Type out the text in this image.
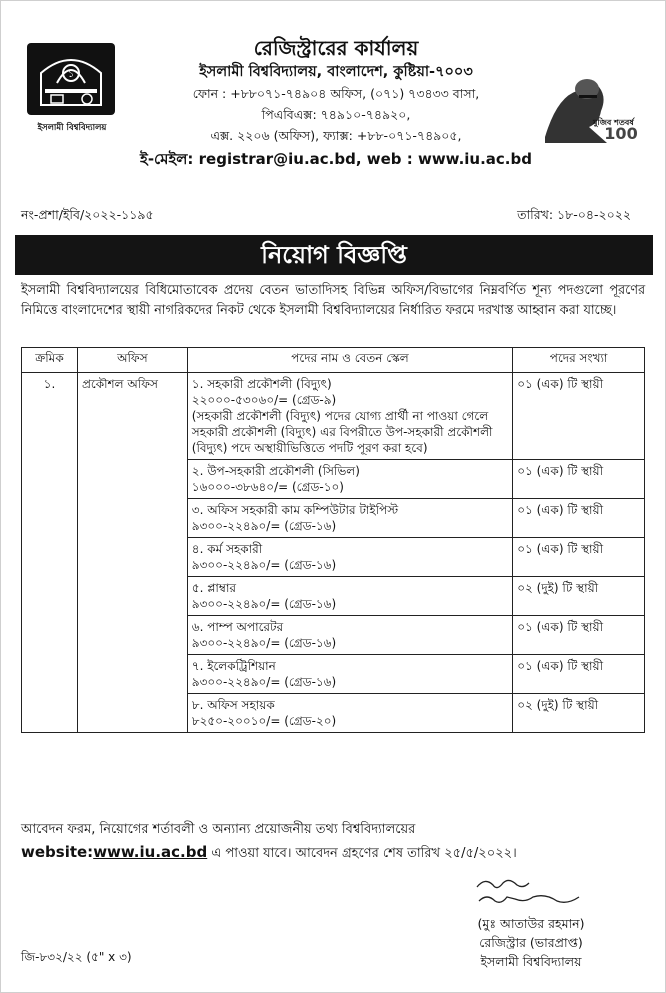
১
ইসলামী বিশ্ববিদ্যালয়
রেজিস্ট্রারের কার্যালয়
ইসলামী বিশ্ববিদ্যালয়, বাংলাদেশ, কুষ্টিয়া-৭০০৩
ফোন : +৮৮০৭১-৭৪৯০৪ অফিস, (০৭১) ৭৩৪৩৩ বাসা,
পিএবিএক্স: ৭৪৯১০-৭৪৯২০,
এক্স. ২২০৬ (অফিস), ফ্যাক্স: +৮৮-০৭১-৭৪৯০৫,
ই-মেইল: registrar@iu.ac.bd, web : www.iu.ac.bd
100
মুজিব শতবর্ষ
নং-প্রশা/ইবি/২০২২-১১৯৫	তারিখ: ১৮-০৪-২০২২
নিয়োগ বিজ্ঞপ্তি
ইসলামী বিশ্ববিদ্যালয়ের বিধিমোতাবেক প্রদেয় বেতন ভাতাদিসহ বিভিন্ন অফিস/বিভাগের নিম্নবর্ণিত শূন্য পদগুলো পূরণের নিমিত্তে বাংলাদেশের স্থায়ী নাগরিকদের নিকট থেকে ইসলামী বিশ্ববিদ্যালয়ের নির্ধারিত ফরমে দরখাস্ত আহ্বান করা যাচ্ছে।
ক্রমিক	অফিস	পদের নাম ও বেতন স্কেল	পদের সংখ্যা
১.	প্রকৌশল অফিস	১. সহকারী প্রকৌশলী (বিদ্যুৎ)
২২০০০-৫৩০৬০/= (গ্রেড-৯)
(সহকারী প্রকৌশলী (বিদ্যুৎ) পদের যোগ্য প্রার্থী না পাওয়া গেলে সহকারী প্রকৌশলী (বিদ্যুৎ) এর বিপরীতে উপ-সহকারী প্রকৌশলী (বিদ্যুৎ) পদে অস্থায়ীভিত্তিতে পদটি পূরণ করা হবে)	০১ (এক) টি স্থায়ী

		২. উপ-সহকারী প্রকৌশলী (সিভিল)
১৬০০০-৩৮৬৪০/= (গ্রেড-১০)	০১ (এক) টি স্থায়ী

		৩. অফিস সহকারী কাম কম্পিউটার টাইপিস্ট
৯৩০০-২২৪৯০/= (গ্রেড-১৬)	০১ (এক) টি স্থায়ী

		৪. কর্ম সহকারী
৯৩০০-২২৪৯০/= (গ্রেড-১৬)	০১ (এক) টি স্থায়ী

		৫. প্লাম্বার
৯৩০০-২২৪৯০/= (গ্রেড-১৬)	০২ (দুই) টি স্থায়ী

		৬. পাম্প অপারেটর
৯৩০০-২২৪৯০/= (গ্রেড-১৬)	০১ (এক) টি স্থায়ী

		৭. ইলেকট্রিশিয়ান
৯৩০০-২২৪৯০/= (গ্রেড-১৬)	০১ (এক) টি স্থায়ী

		৮. অফিস সহায়ক
৮২৫০-২০০১০/= (গ্রেড-২০)	০২ (দুই) টি স্থায়ী
আবেদন ফরম, নিয়োগের শর্তাবলী ও অন্যান্য প্রয়োজনীয় তথ্য বিশ্ববিদ্যালয়ের
website:www.iu.ac.bd এ পাওয়া যাবে। আবেদন গ্রহণের শেষ তারিখ ২৫/৫/২০২২।
(মুঃ আতাউর রহমান)
রেজিস্ট্রার (ভারপ্রাপ্ত)
ইসলামী বিশ্ববিদ্যালয়
জি-৮৩২/২২ (৫" x ৩)
